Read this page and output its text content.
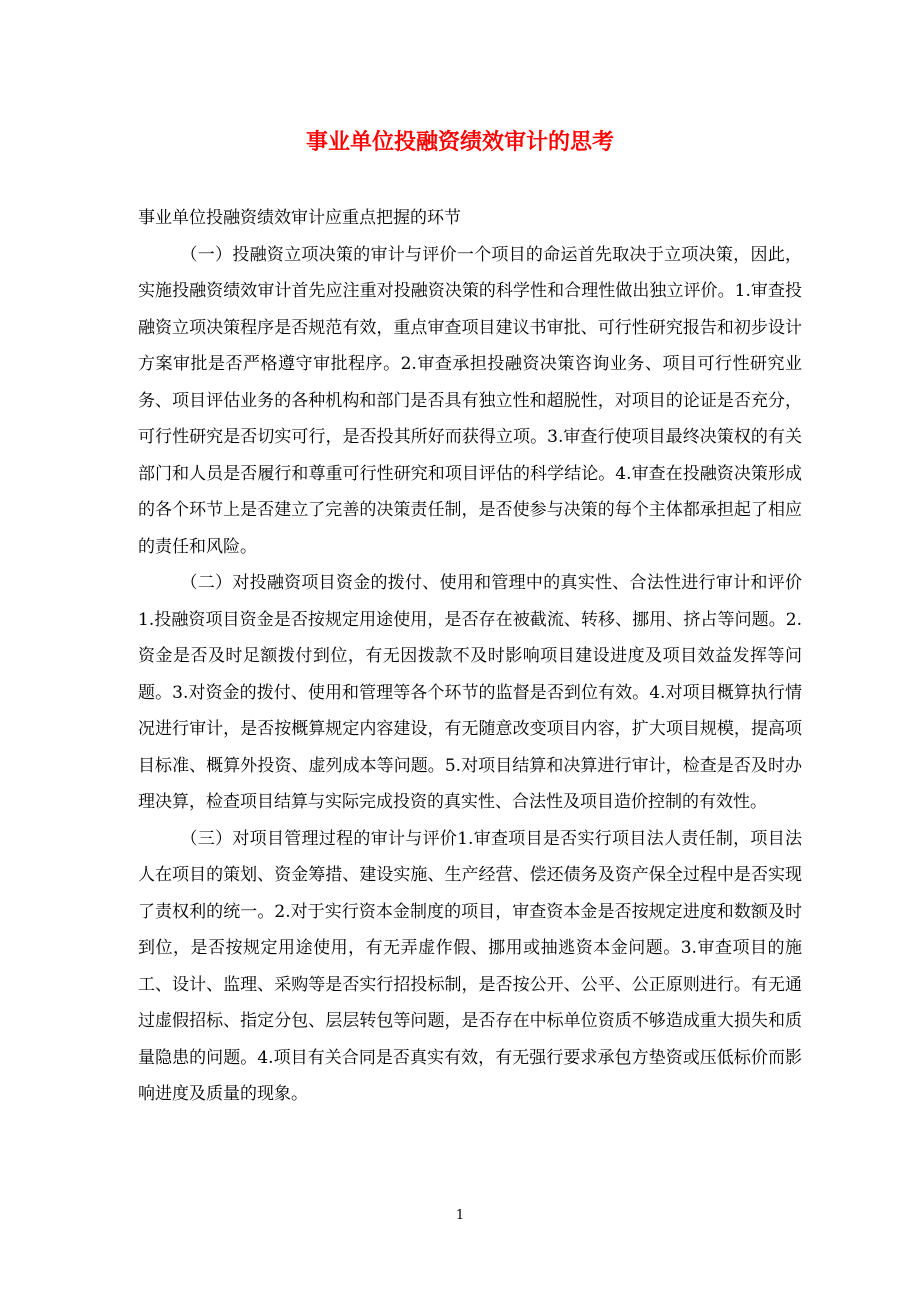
事业单位投融资绩效审计的思考

事业单位投融资绩效审计应重点把握的环节

（一）投融资立项决策的审计与评价一个项目的命运首先取决于立项决策，因此，实施投融资绩效审计首先应注重对投融资决策的科学性和合理性做出独立评价。1.审查投融资立项决策程序是否规范有效，重点审查项目建议书审批、可行性研究报告和初步设计方案审批是否严格遵守审批程序。2.审查承担投融资决策咨询业务、项目可行性研究业务、项目评估业务的各种机构和部门是否具有独立性和超脱性，对项目的论证是否充分，可行性研究是否切实可行，是否投其所好而获得立项。3.审查行使项目最终决策权的有关部门和人员是否履行和尊重可行性研究和项目评估的科学结论。4.审查在投融资决策形成的各个环节上是否建立了完善的决策责任制，是否使参与决策的每个主体都承担起了相应的责任和风险。

（二）对投融资项目资金的拨付、使用和管理中的真实性、合法性进行审计和评价1.投融资项目资金是否按规定用途使用，是否存在被截流、转移、挪用、挤占等问题。2.资金是否及时足额拨付到位，有无因拨款不及时影响项目建设进度及项目效益发挥等问题。3.对资金的拨付、使用和管理等各个环节的监督是否到位有效。4.对项目概算执行情况进行审计，是否按概算规定内容建设，有无随意改变项目内容，扩大项目规模，提高项目标准、概算外投资、虚列成本等问题。5.对项目结算和决算进行审计，检查是否及时办理决算，检查项目结算与实际完成投资的真实性、合法性及项目造价控制的有效性。

（三）对项目管理过程的审计与评价1.审查项目是否实行项目法人责任制，项目法人在项目的策划、资金筹措、建设实施、生产经营、偿还债务及资产保全过程中是否实现了责权利的统一。2.对于实行资本金制度的项目，审查资本金是否按规定进度和数额及时到位，是否按规定用途使用，有无弄虚作假、挪用或抽逃资本金问题。3.审查项目的施工、设计、监理、采购等是否实行招投标制，是否按公开、公平、公正原则进行。有无通过虚假招标、指定分包、层层转包等问题，是否存在中标单位资质不够造成重大损失和质量隐患的问题。4.项目有关合同是否真实有效，有无强行要求承包方垫资或压低标价而影响进度及质量的现象。

1
